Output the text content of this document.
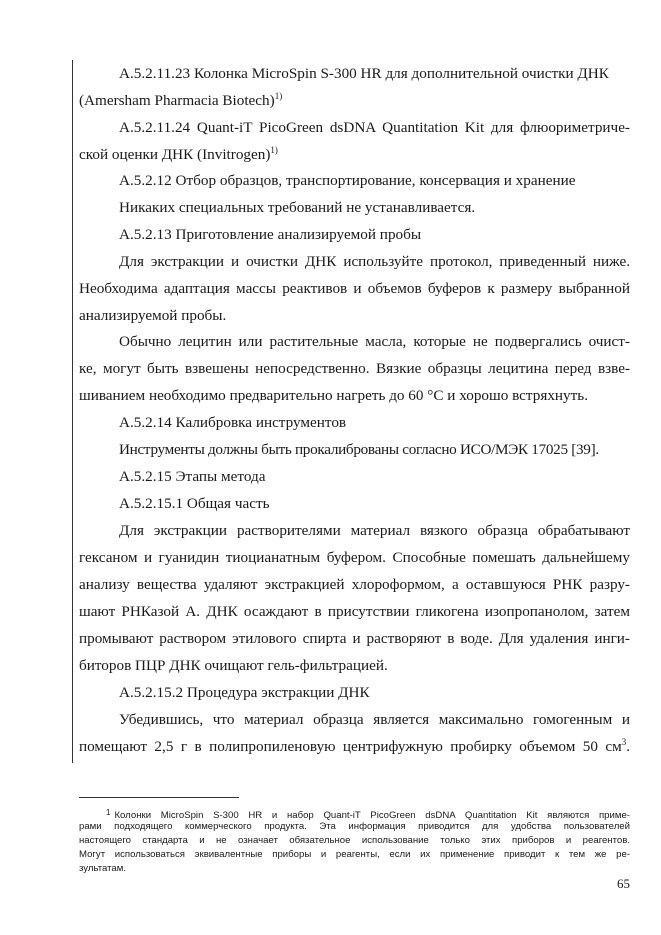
А.5.2.11.23 Колонка MicroSpin S-300 HR для дополнительной очистки ДНК
(Amersham Pharmacia Biotech)$^{1)}$
А.5.2.11.24 Quant-iT PicoGreen dsDNA Quantitation Kit для флюориметриче-
ской оценки ДНК (Invitrogen)$^{1)}$
А.5.2.12 Отбор образцов, транспортирование, консервация и хранение
Никаких специальных требований не устанавливается.
А.5.2.13 Приготовление анализируемой пробы
Для экстракции и очистки ДНК используйте протокол, приведенный ниже.
Необходима адаптация массы реактивов и объемов буферов к размеру выбранной
анализируемой пробы.
Обычно лецитин или растительные масла, которые не подвергались очист-
ке, могут быть взвешены непосредственно. Вязкие образцы лецитина перед взве-
шиванием необходимо предварительно нагреть до 60 °С и хорошо встряхнуть.
А.5.2.14 Калибровка инструментов
Инструменты должны быть прокалиброваны согласно ИСО/МЭК 17025 [39].
А.5.2.15 Этапы метода
А.5.2.15.1 Общая часть
Для экстракции растворителями материал вязкого образца обрабатывают
гексаном и гуанидин тиоцианатным буфером. Способные помешать дальнейшему
анализу вещества удаляют экстракцией хлороформом, а оставшуюся РНК разру-
шают РНКазой А. ДНК осаждают в присутствии гликогена изопропанолом, затем
промывают раствором этилового спирта и растворяют в воде. Для удаления инги-
биторов ПЦР ДНК очищают гель-фильтрацией.
А.5.2.15.2 Процедура экстракции ДНК
Убедившись, что материал образца является максимально гомогенным и
помещают 2,5 г в полипропиленовую центрифужную пробирку объемом 50 $см^3$.
$^1$ Колонки MicroSpin S-300 HR и набор Quant-iT PicoGreen dsDNA Quantitation Kit являются приме-
рами подходящего коммерческого продукта. Эта информация приводится для удобства пользователей
настоящего стандарта и не означает обязательное использование только этих приборов и реагентов.
Могут использоваться эквивалентные приборы и реагенты, если их применение приводит к тем же ре-
зультатам.
65
